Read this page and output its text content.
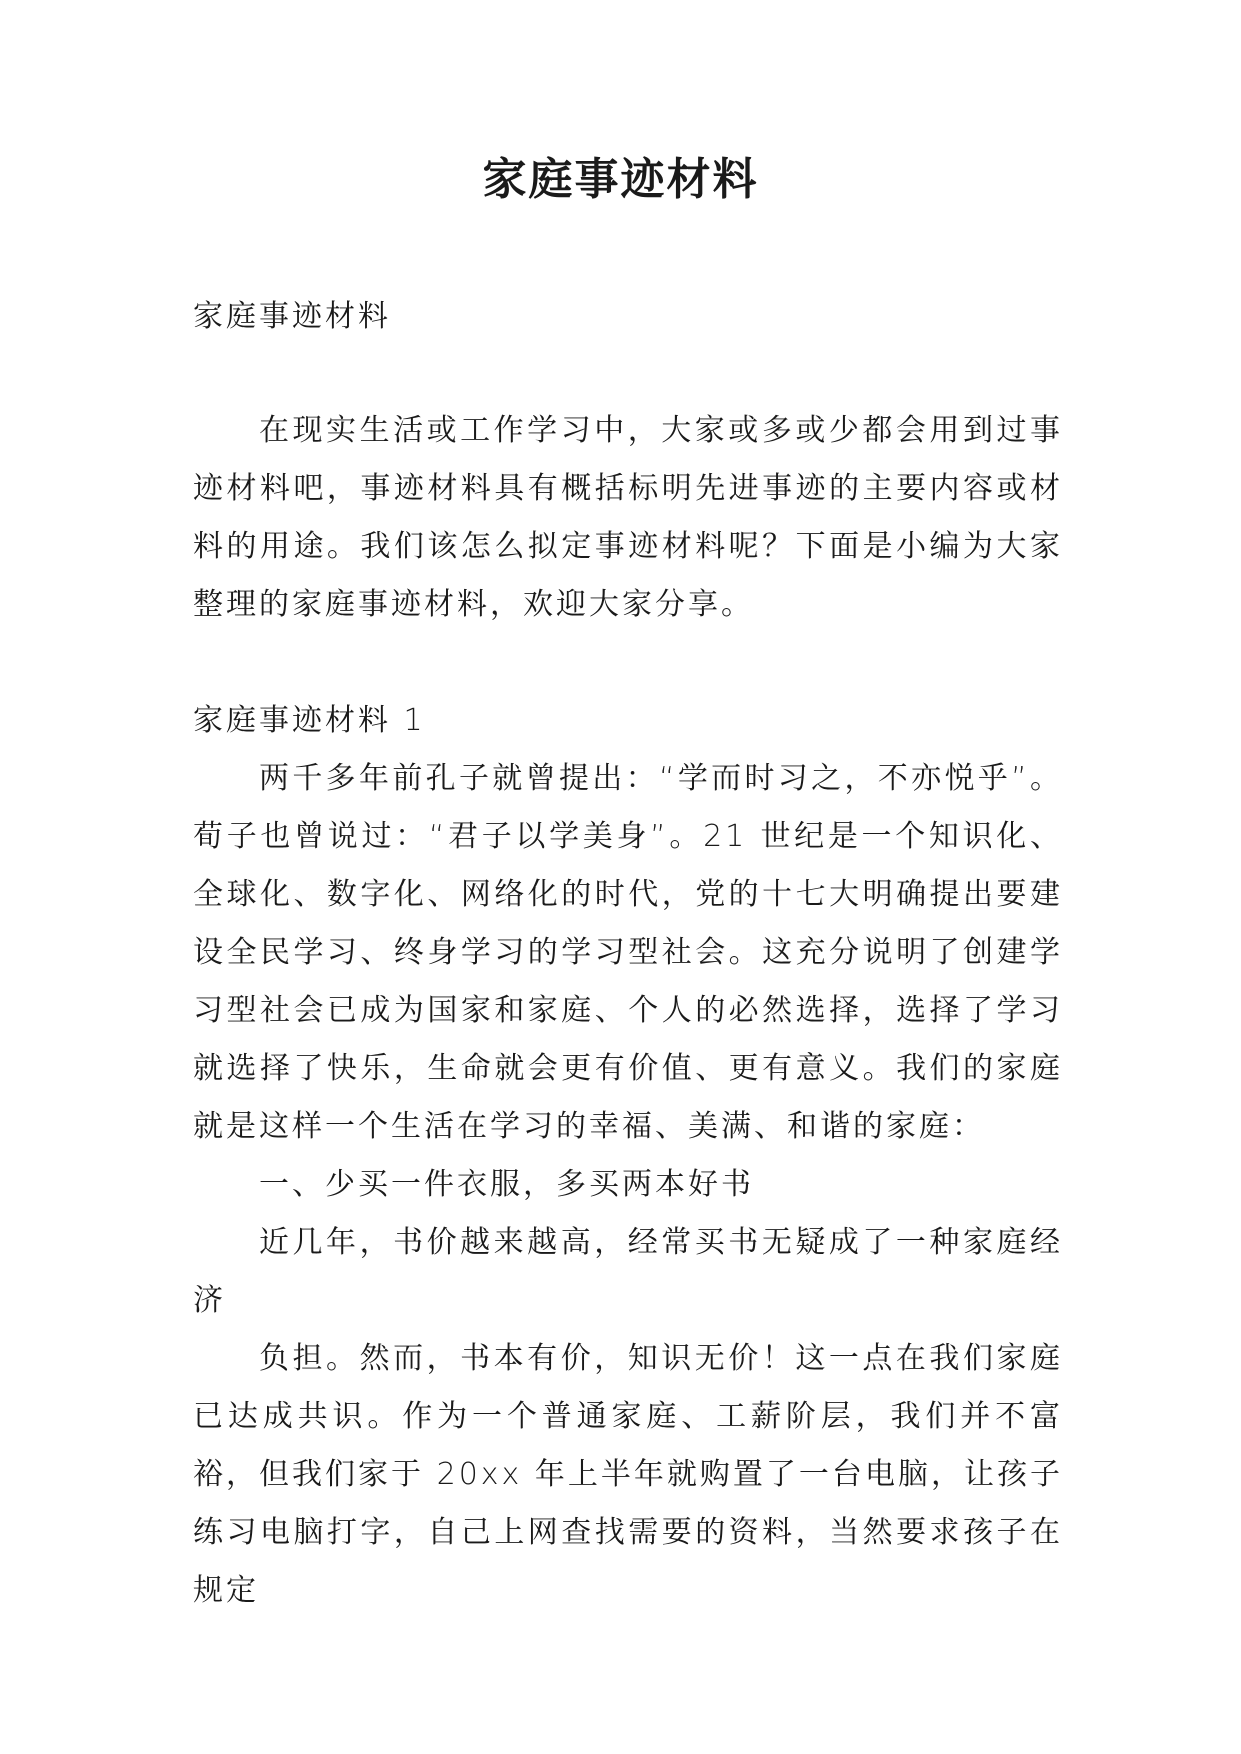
家庭事迹材料
家庭事迹材料
在现实生活或工作学习中，大家或多或少都会用到过事迹材料吧，事迹材料具有概括标明先进事迹的主要内容或材料的用途。我们该怎么拟定事迹材料呢？下面是小编为大家整理的家庭事迹材料，欢迎大家分享。
家庭事迹材料 1
两千多年前孔子就曾提出：“学而时习之，不亦悦乎”。荀子也曾说过：“君子以学美身”。21 世纪是一个知识化、全球化、数字化、网络化的时代，党的十七大明确提出要建设全民学习、终身学习的学习型社会。这充分说明了创建学习型社会已成为国家和家庭、个人的必然选择，选择了学习就选择了快乐，生命就会更有价值、更有意义。我们的家庭就是这样一个生活在学习的幸福、美满、和谐的家庭：
一、少买一件衣服，多买两本好书
近几年，书价越来越高，经常买书无疑成了一种家庭经济
负担。然而，书本有价，知识无价！这一点在我们家庭已达成共识。作为一个普通家庭、工薪阶层，我们并不富裕，但我们家于 20xx 年上半年就购置了一台电脑，让孩子练习电脑打字，自己上网查找需要的资料，当然要求孩子在规定
